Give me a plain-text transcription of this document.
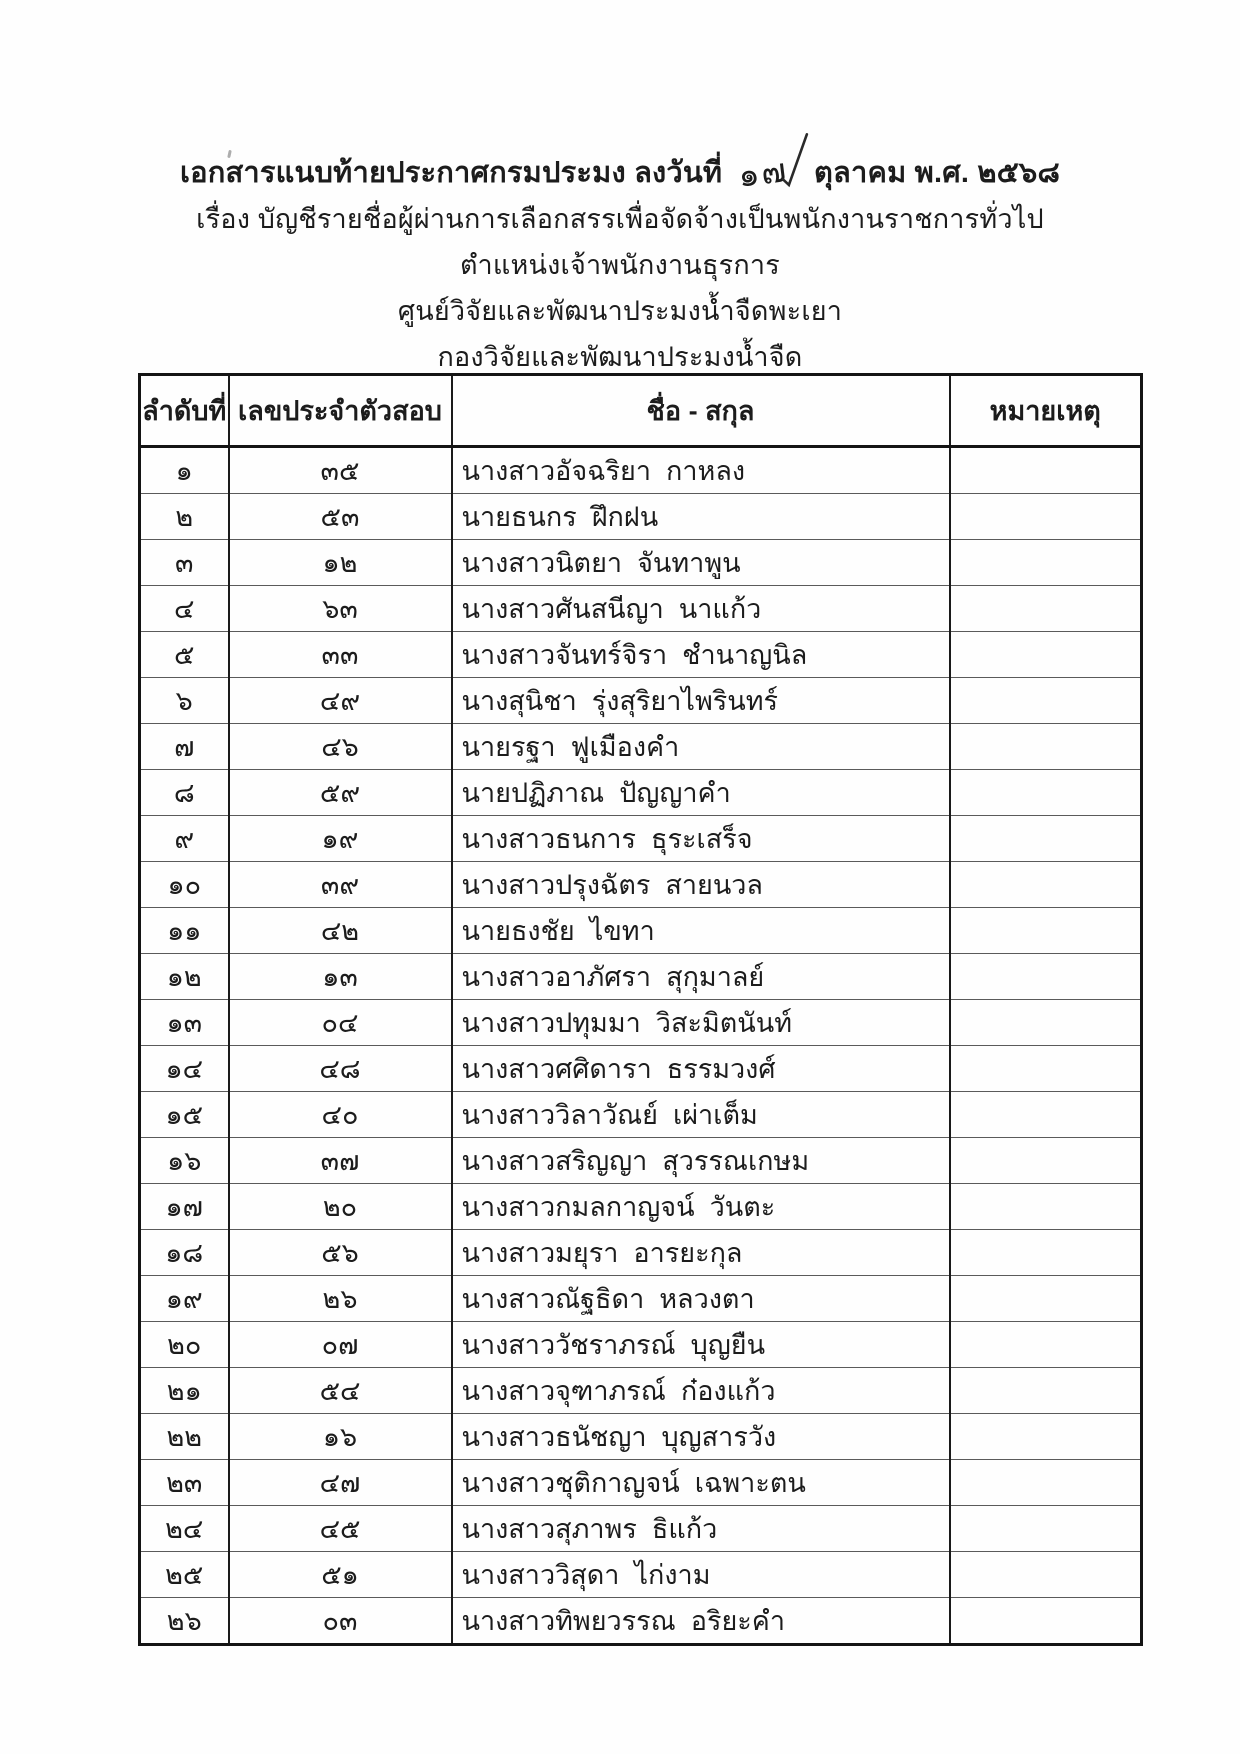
เอกสารแนบท้ายประกาศกรมประมง ลงวันที่ ๑๗ ตุลาคม พ.ศ. ๒๕๖๘
เรื่อง บัญชีรายชื่อผู้ผ่านการเลือกสรรเพื่อจัดจ้างเป็นพนักงานราชการทั่วไป
ตำแหน่งเจ้าพนักงานธุรการ
ศูนย์วิจัยและพัฒนาประมงน้ำจืดพะเยา
กองวิจัยและพัฒนาประมงน้ำจืด
ลำดับที่	เลขประจำตัวสอบ	ชื่อ - สกุล	หมายเหตุ
๑	๓๕	นางสาวอัจฉริยา  กาหลง	
๒	๕๓	นายธนกร  ฝึกฝน	
๓	๑๒	นางสาวนิตยา  จันทาพูน	
๔	๖๓	นางสาวศันสนีญา  นาแก้ว	
๕	๓๓	นางสาวจันทร์จิรา  ชำนาญนิล	
๖	๔๙	นางสุนิชา  รุ่งสุริยาไพรินทร์	
๗	๔๖	นายรฐา  ฟูเมืองคำ	
๘	๕๙	นายปฏิภาณ  ปัญญาคำ	
๙	๑๙	นางสาวธนการ  ธุระเสร็จ	
๑๐	๓๙	นางสาวปรุงฉัตร  สายนวล	
๑๑	๔๒	นายธงชัย  ไขทา	
๑๒	๑๓	นางสาวอาภัศรา  สุกุมาลย์	
๑๓	๐๔	นางสาวปทุมมา  วิสะมิตนันท์	
๑๔	๔๘	นางสาวศศิดารา  ธรรมวงศ์	
๑๕	๔๐	นางสาววิลาวัณย์  เผ่าเต็ม	
๑๖	๓๗	นางสาวสริญญา  สุวรรณเกษม	
๑๗	๒๐	นางสาวกมลกาญจน์  วันตะ	
๑๘	๕๖	นางสาวมยุรา  อารยะกุล	
๑๙	๒๖	นางสาวณัฐธิดา  หลวงตา	
๒๐	๐๗	นางสาววัชราภรณ์  บุญยืน	
๒๑	๕๔	นางสาวจุฑาภรณ์  ก๋องแก้ว	
๒๒	๑๖	นางสาวธนัชญา  บุญสารวัง	
๒๓	๔๗	นางสาวชุติกาญจน์  เฉพาะตน	
๒๔	๔๕	นางสาวสุภาพร  ธิแก้ว	
๒๕	๕๑	นางสาววิสุดา  ไก่งาม	
๒๖	๐๓	นางสาวทิพยวรรณ  อริยะคำ	
